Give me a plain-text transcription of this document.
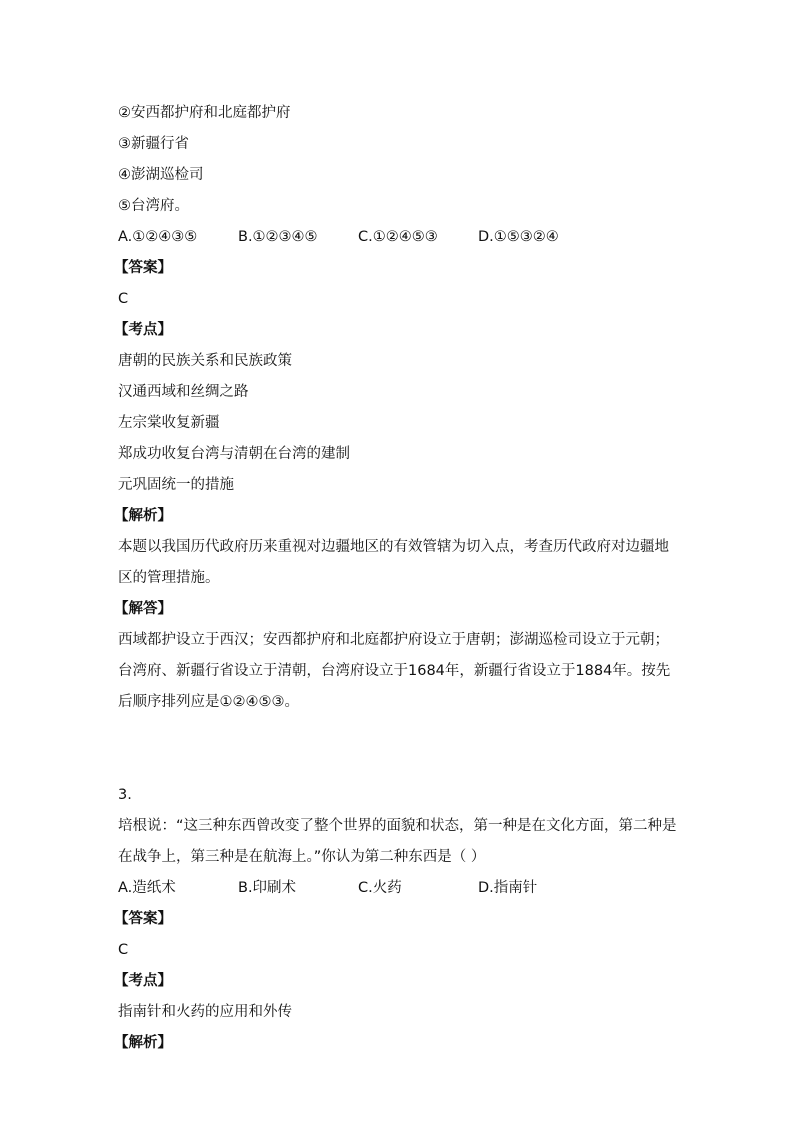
②安西都护府和北庭都护府
③新疆行省
④澎湖巡检司
⑤台湾府。
A.①②④③⑤	B.①②③④⑤	C.①②④⑤③	D.①⑤③②④
【答案】
C
【考点】
唐朝的民族关系和民族政策
汉通西域和丝绸之路
左宗棠收复新疆
郑成功收复台湾与清朝在台湾的建制
元巩固统一的措施
【解析】
本题以我国历代政府历来重视对边疆地区的有效管辖为切入点，考查历代政府对边疆地区的管理措施。
【解答】
西域都护设立于西汉；安西都护府和北庭都护府设立于唐朝；澎湖巡检司设立于元朝；台湾府、新疆行省设立于清朝，台湾府设立于1684年，新疆行省设立于1884年。按先后顺序排列应是①②④⑤③。
3.
培根说：“这三种东西曾改变了整个世界的面貌和状态，第一种是在文化方面，第二种是在战争上，第三种是在航海上。”你认为第二种东西是（ ）
A.造纸术	B.印刷术	C.火药	D.指南针
【答案】
C
【考点】
指南针和火药的应用和外传
【解析】
